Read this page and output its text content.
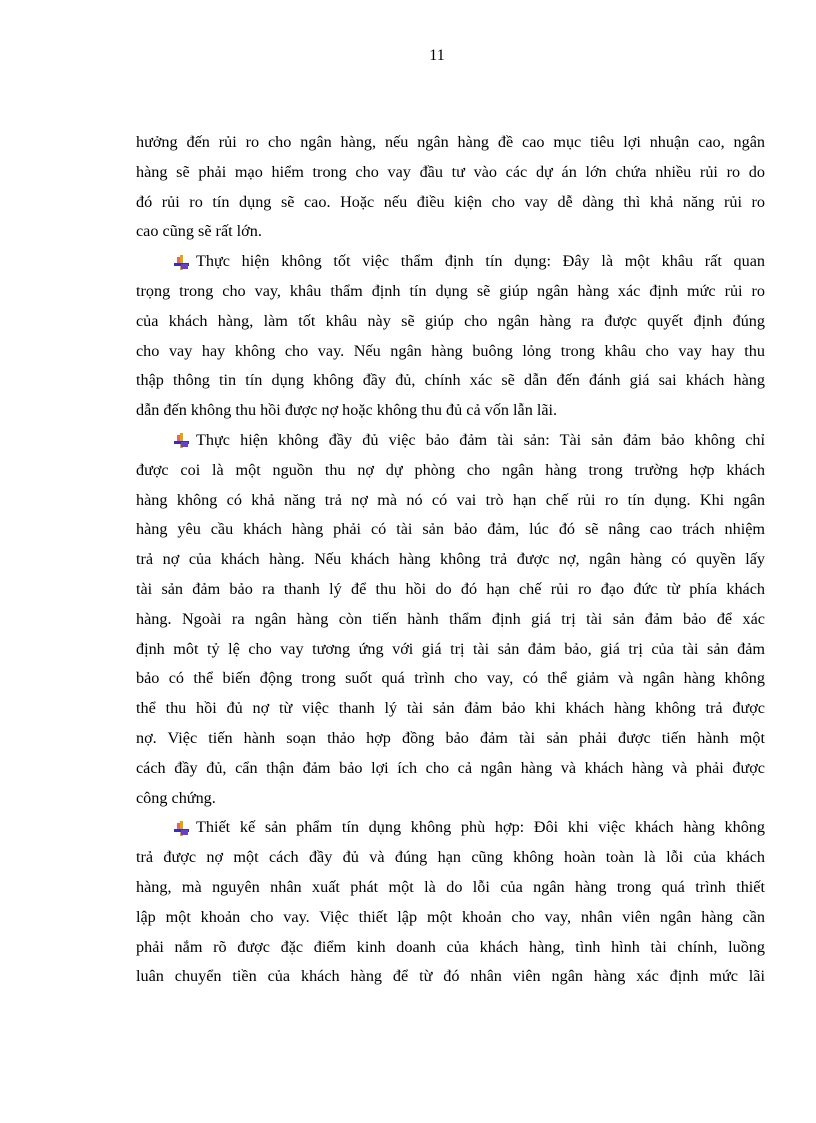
11
hưởng đến rủi ro cho ngân hàng, nếu ngân hàng đề cao mục tiêu lợi nhuận cao, ngân
hàng sẽ phải mạo hiểm trong cho vay đầu tư vào các dự án lớn chứa nhiều rủi ro do
đó rủi ro tín dụng sẽ cao. Hoặc nếu điều kiện cho vay dễ dàng thì khả năng rủi ro
cao cũng sẽ rất lớn.
Thực hiện không tốt việc thẩm định tín dụng: Đây là một khâu rất quan
trọng trong cho vay, khâu thẩm định tín dụng sẽ giúp ngân hàng xác định mức rủi ro
của khách hàng, làm tốt khâu này sẽ giúp cho ngân hàng ra được quyết định đúng
cho vay hay không cho vay. Nếu ngân hàng buông lỏng trong khâu cho vay hay thu
thập thông tin tín dụng không đầy đủ, chính xác sẽ dẫn đến đánh giá sai khách hàng
dẫn đến không thu hồi được nợ hoặc không thu đủ cả vốn lẫn lãi.
Thực hiện không đầy đủ việc bảo đảm tài sản: Tài sản đảm bảo không chỉ
được coi là một nguồn thu nợ dự phòng cho ngân hàng trong trường hợp khách
hàng không có khả năng trả nợ mà nó có vai trò hạn chế rủi ro tín dụng. Khi ngân
hàng yêu cầu khách hàng phải có tài sản bảo đảm, lúc đó sẽ nâng cao trách nhiệm
trả nợ của khách hàng. Nếu khách hàng không trả được nợ, ngân hàng có quyền lấy
tài sản đảm bảo ra thanh lý để thu hồi do đó hạn chế rủi ro đạo đức từ phía khách
hàng. Ngoài ra ngân hàng còn tiến hành thẩm định giá trị tài sản đảm bảo để xác
định môt tỷ lệ cho vay tương ứng với giá trị tài sản đảm bảo, giá trị của tài sản đảm
bảo có thể biến động trong suốt quá trình cho vay, có thể giảm và ngân hàng không
thể thu hồi đủ nợ từ việc thanh lý tài sản đảm bảo khi khách hàng không trả được
nợ. Việc tiến hành soạn thảo hợp đồng bảo đảm tài sản phải được tiến hành một
cách đầy đủ, cẩn thận đảm bảo lợi ích cho cả ngân hàng và khách hàng và phải được
công chứng.
Thiết kế sản phẩm tín dụng không phù hợp: Đôi khi việc khách hàng không
trả được nợ một cách đầy đủ và đúng hạn cũng không hoàn toàn là lỗi của khách
hàng, mà nguyên nhân xuất phát một là do lỗi của ngân hàng trong quá trình thiết
lập một khoản cho vay. Việc thiết lập một khoản cho vay, nhân viên ngân hàng cần
phải nắm rõ được đặc điểm kinh doanh của khách hàng, tình hình tài chính, luồng
luân chuyển tiền của khách hàng để từ đó nhân viên ngân hàng xác định mức lãi
